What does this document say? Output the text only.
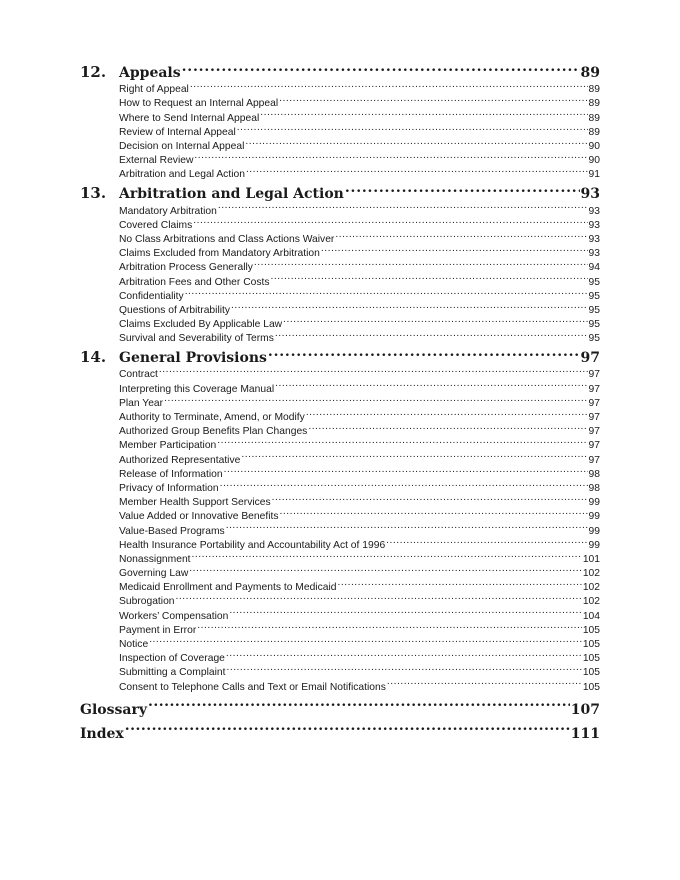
12. Appeals .....	89
Right of Appeal .....	89
How to Request an Internal Appeal .....	89
Where to Send Internal Appeal .....	89
Review of Internal Appeal .....	89
Decision on Internal Appeal .....	90
External Review .....	90
Arbitration and Legal Action .....	91
13. Arbitration and Legal Action .....	93
Mandatory Arbitration .....	93
Covered Claims .....	93
No Class Arbitrations and Class Actions Waiver .....	93
Claims Excluded from Mandatory Arbitration .....	93
Arbitration Process Generally .....	94
Arbitration Fees and Other Costs .....	95
Confidentiality .....	95
Questions of Arbitrability .....	95
Claims Excluded By Applicable Law .....	95
Survival and Severability of Terms .....	95
14. General Provisions .....	97
Contract .....	97
Interpreting this Coverage Manual .....	97
Plan Year .....	97
Authority to Terminate, Amend, or Modify .....	97
Authorized Group Benefits Plan Changes .....	97
Member Participation .....	97
Authorized Representative .....	97
Release of Information .....	98
Privacy of Information .....	98
Member Health Support Services .....	99
Value Added or Innovative Benefits .....	99
Value-Based Programs .....	99
Health Insurance Portability and Accountability Act of 1996 .....	99
Nonassignment .....	101
Governing Law .....	102
Medicaid Enrollment and Payments to Medicaid .....	102
Subrogation .....	102
Workers’ Compensation .....	104
Payment in Error .....	105
Notice .....	105
Inspection of Coverage .....	105
Submitting a Complaint .....	105
Consent to Telephone Calls and Text or Email Notifications .....	105
Glossary .....	107
Index .....	111
